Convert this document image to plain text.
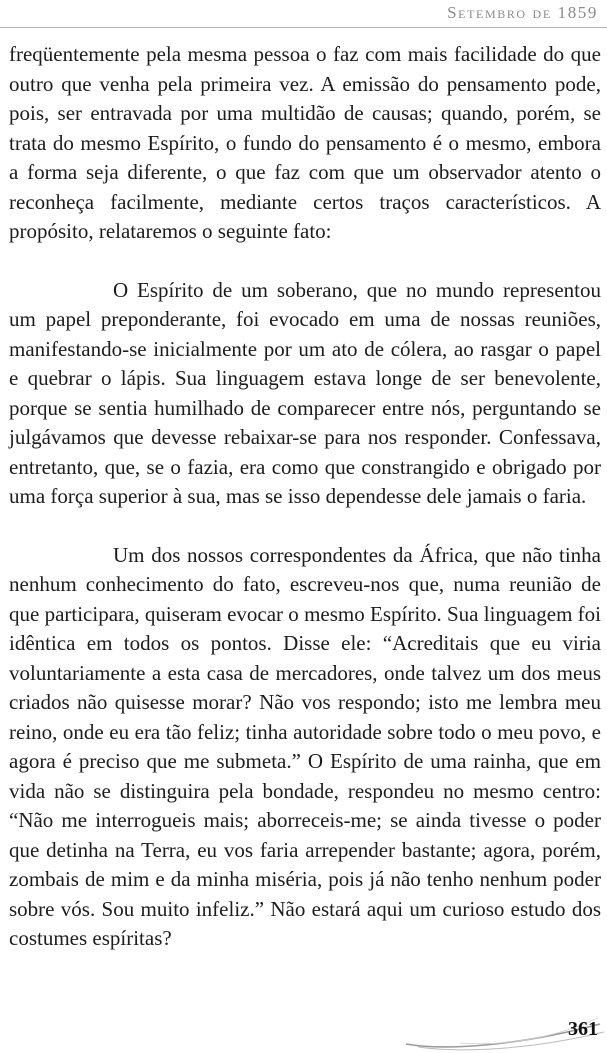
Setembro de 1859

freqüentemente pela mesma pessoa o faz com mais facilidade do que outro que venha pela primeira vez. A emissão do pensamento pode, pois, ser entravada por uma multidão de causas; quando, porém, se trata do mesmo Espírito, o fundo do pensamento é o mesmo, embora a forma seja diferente, o que faz com que um observador atento o reconheça facilmente, mediante certos traços característicos. A propósito, relataremos o seguinte fato:

O Espírito de um soberano, que no mundo representou um papel preponderante, foi evocado em uma de nossas reuniões, manifestando-se inicialmente por um ato de cólera, ao rasgar o papel e quebrar o lápis. Sua linguagem estava longe de ser benevolente, porque se sentia humilhado de comparecer entre nós, perguntando se julgávamos que devesse rebaixar-se para nos responder. Confessava, entretanto, que, se o fazia, era como que constrangido e obrigado por uma força superior à sua, mas se isso dependesse dele jamais o faria.

Um dos nossos correspondentes da África, que não tinha nenhum conhecimento do fato, escreveu-nos que, numa reunião de que participara, quiseram evocar o mesmo Espírito. Sua linguagem foi idêntica em todos os pontos. Disse ele: “Acreditais que eu viria voluntariamente a esta casa de mercadores, onde talvez um dos meus criados não quisesse morar? Não vos respondo; isto me lembra meu reino, onde eu era tão feliz; tinha autoridade sobre todo o meu povo, e agora é preciso que me submeta.” O Espírito de uma rainha, que em vida não se distinguira pela bondade, respondeu no mesmo centro: “Não me interrogueis mais; aborreceis-me; se ainda tivesse o poder que detinha na Terra, eu vos faria arrepender bastante; agora, porém, zombais de mim e da minha miséria, pois já não tenho nenhum poder sobre vós. Sou muito infeliz.” Não estará aqui um curioso estudo dos costumes espíritas?

361
